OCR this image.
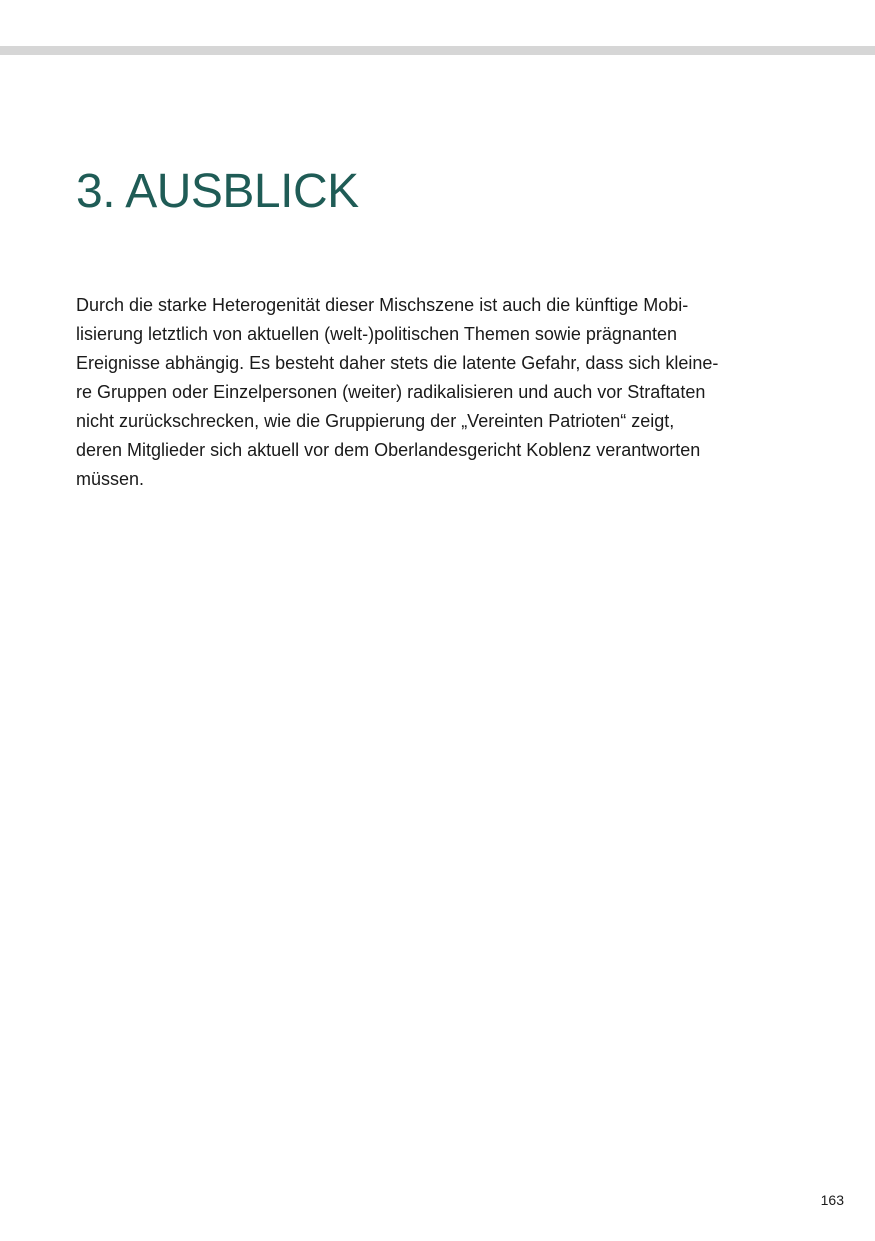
3. AUSBLICK

Durch die starke Heterogenität dieser Mischszene ist auch die künftige Mobi-
lisierung letztlich von aktuellen (welt-)politischen Themen sowie prägnanten
Ereignisse abhängig. Es besteht daher stets die latente Gefahr, dass sich kleine-
re Gruppen oder Einzelpersonen (weiter) radikalisieren und auch vor Straftaten
nicht zurückschrecken, wie die Gruppierung der „Vereinten Patrioten“ zeigt,
deren Mitglieder sich aktuell vor dem Oberlandesgericht Koblenz verantworten
müssen.

163
